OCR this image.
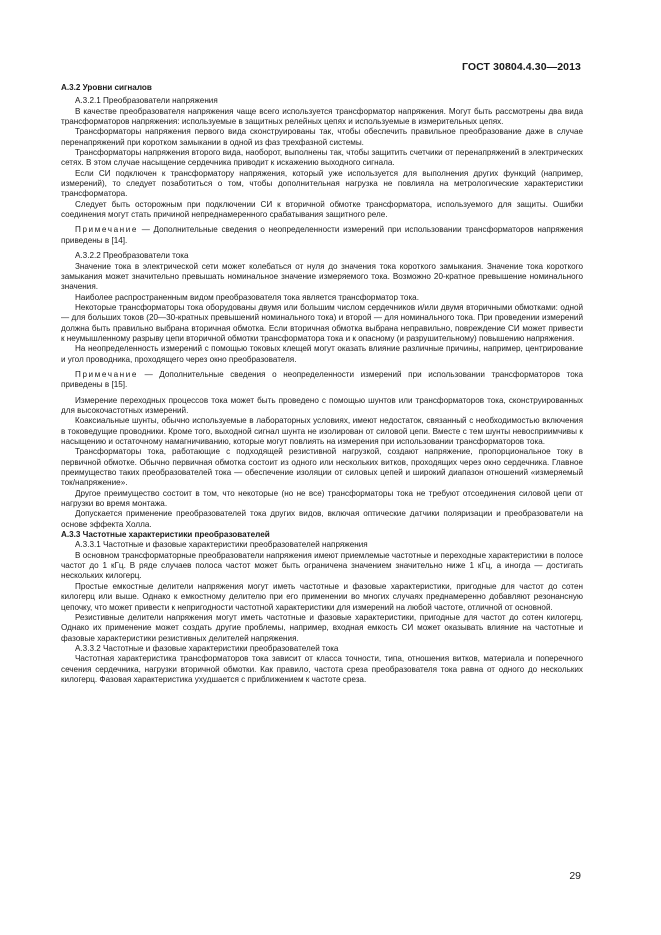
ГОСТ 30804.4.30—2013

А.3.2 Уровни сигналов

А.3.2.1 Преобразователи напряжения

В качестве преобразователя напряжения чаще всего используется трансформатор напряжения. Могут быть рассмотрены два вида трансформаторов напряжения: используемые в защитных релейных цепях и используемые в измерительных цепях.

Трансформаторы напряжения первого вида сконструированы так, чтобы обеспечить правильное преобразование даже в случае перенапряжений при коротком замыкании в одной из фаз трехфазной системы.

Трансформаторы напряжения второго вида, наоборот, выполнены так, чтобы защитить счетчики от перенапряжений в электрических сетях. В этом случае насыщение сердечника приводит к искажению выходного сигнала.

Если СИ подключен к трансформатору напряжения, который уже используется для выполнения других функций (например, измерений), то следует позаботиться о том, чтобы дополнительная нагрузка не повлияла на метрологические характеристики трансформатора.

Следует быть осторожным при подключении СИ к вторичной обмотке трансформатора, используемого для защиты. Ошибки соединения могут стать причиной непреднамеренного срабатывания защитного реле.

Примечание — Дополнительные сведения о неопределенности измерений при использовании трансформаторов напряжения приведены в [14].

А.3.2.2 Преобразователи тока

Значение тока в электрической сети может колебаться от нуля до значения тока короткого замыкания. Значение тока короткого замыкания может значительно превышать номинальное значение измеряемого тока. Возможно 20-кратное превышение номинального значения.

Наиболее распространенным видом преобразователя тока является трансформатор тока.

Некоторые трансформаторы тока оборудованы двумя или большим числом сердечников и/или двумя вторичными обмотками: одной — для больших токов (20—30-кратных превышений номинального тока) и второй — для номинального тока. При проведении измерений должна быть правильно выбрана вторичная обмотка. Если вторичная обмотка выбрана неправильно, повреждение СИ может привести к неумышленному разрыву цепи вторичной обмотки трансформатора тока и к опасному (и разрушительному) повышению напряжения.

На неопределенность измерений с помощью токовых клещей могут оказать влияние различные причины, например, центрирование и угол проводника, проходящего через окно преобразователя.

Примечание — Дополнительные сведения о неопределенности измерений при использовании трансформаторов тока приведены в [15].

Измерение переходных процессов тока может быть проведено с помощью шунтов или трансформаторов тока, сконструированных для высокочастотных измерений.

Коаксиальные шунты, обычно используемые в лабораторных условиях, имеют недостаток, связанный с необходимостью включения в токоведущие проводники. Кроме того, выходной сигнал шунта не изолирован от силовой цепи. Вместе с тем шунты невосприимчивы к насыщению и остаточному намагничиванию, которые могут повлиять на измерения при использовании трансформаторов тока.

Трансформаторы тока, работающие с подходящей резистивной нагрузкой, создают напряжение, пропорциональное току в первичной обмотке. Обычно первичная обмотка состоит из одного или нескольких витков, проходящих через окно сердечника. Главное преимущество таких преобразователей тока — обеспечение изоляции от силовых цепей и широкий диапазон отношений «измеряемый ток/напряжение».

Другое преимущество состоит в том, что некоторые (но не все) трансформаторы тока не требуют отсоединения силовой цепи от нагрузки во время монтажа.

Допускается применение преобразователей тока других видов, включая оптические датчики поляризации и преобразователи на основе эффекта Холла.

А.3.3 Частотные характеристики преобразователей

А.3.3.1 Частотные и фазовые характеристики преобразователей напряжения

В основном трансформаторные преобразователи напряжения имеют приемлемые частотные и переходные характеристики в полосе частот до 1 кГц. В ряде случаев полоса частот может быть ограничена значением значительно ниже 1 кГц, а иногда — достигать нескольких килогерц.

Простые емкостные делители напряжения могут иметь частотные и фазовые характеристики, пригодные для частот до сотен килогерц или выше. Однако к емкостному делителю при его применении во многих случаях преднамеренно добавляют резонансную цепочку, что может привести к непригодности частотной характеристики для измерений на любой частоте, отличной от основной.

Резистивные делители напряжения могут иметь частотные и фазовые характеристики, пригодные для частот до сотен килогерц. Однако их применение может создать другие проблемы, например, входная емкость СИ может оказывать влияние на частотные и фазовые характеристики резистивных делителей напряжения.

А.3.3.2 Частотные и фазовые характеристики преобразователей тока

Частотная характеристика трансформаторов тока зависит от класса точности, типа, отношения витков, материала и поперечного сечения сердечника, нагрузки вторичной обмотки. Как правило, частота среза преобразователя тока равна от одного до нескольких килогерц. Фазовая характеристика ухудшается с приближением к частоте среза.

29
